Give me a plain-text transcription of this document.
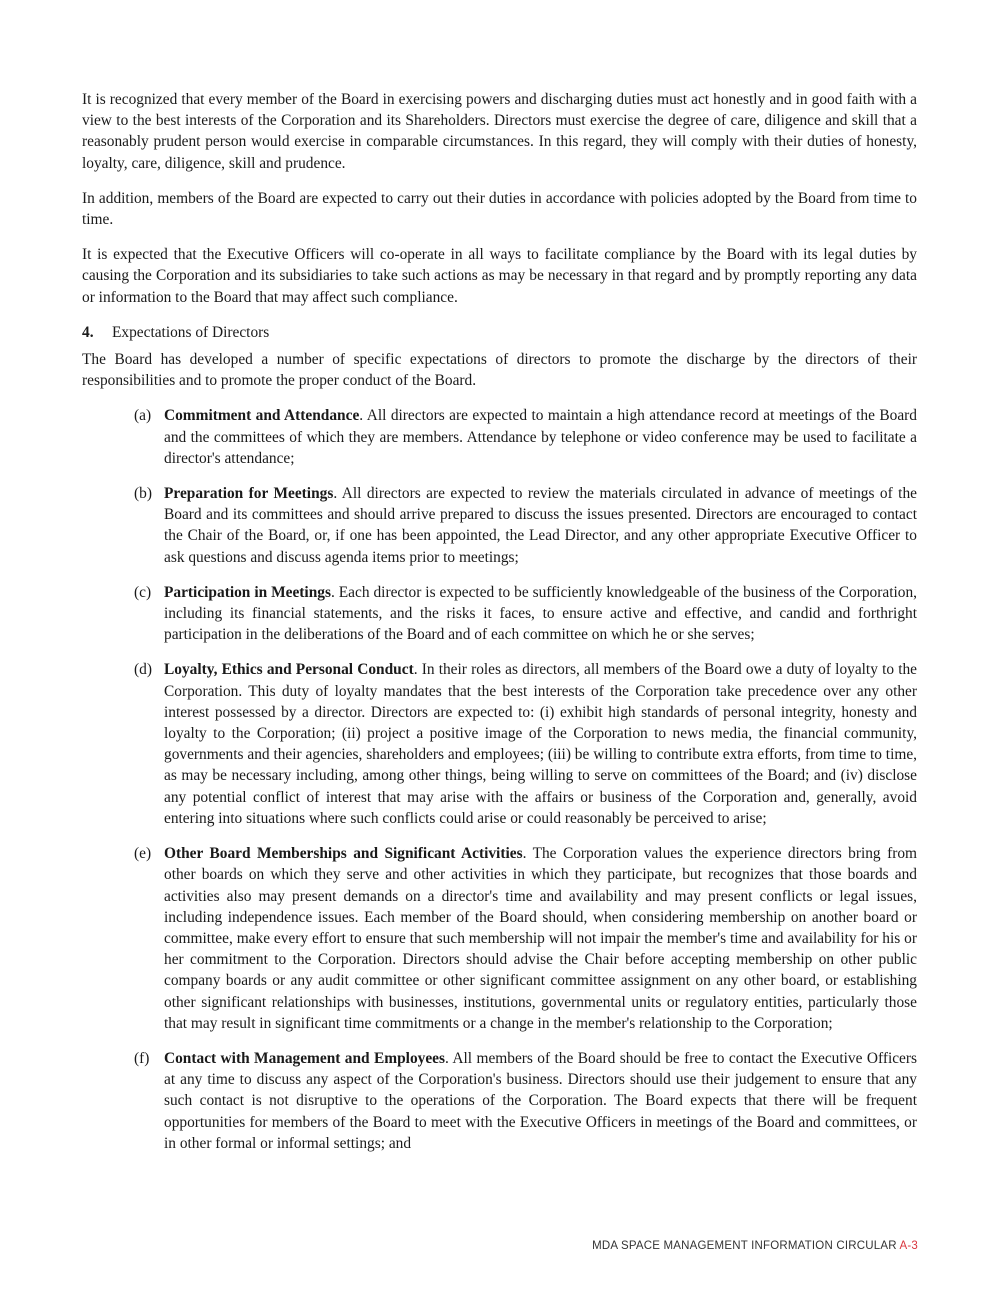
It is recognized that every member of the Board in exercising powers and discharging duties must act honestly and in good faith with a view to the best interests of the Corporation and its Shareholders. Directors must exercise the degree of care, diligence and skill that a reasonably prudent person would exercise in comparable circumstances. In this regard, they will comply with their duties of honesty, loyalty, care, diligence, skill and prudence.

In addition, members of the Board are expected to carry out their duties in accordance with policies adopted by the Board from time to time.

It is expected that the Executive Officers will co-operate in all ways to facilitate compliance by the Board with its legal duties by causing the Corporation and its subsidiaries to take such actions as may be necessary in that regard and by promptly reporting any data or information to the Board that may affect such compliance.

4. Expectations of Directors

The Board has developed a number of specific expectations of directors to promote the discharge by the directors of their responsibilities and to promote the proper conduct of the Board.

(a) Commitment and Attendance. All directors are expected to maintain a high attendance record at meetings of the Board and the committees of which they are members. Attendance by telephone or video conference may be used to facilitate a director's attendance;
(b) Preparation for Meetings. All directors are expected to review the materials circulated in advance of meetings of the Board and its committees and should arrive prepared to discuss the issues presented. Directors are encouraged to contact the Chair of the Board, or, if one has been appointed, the Lead Director, and any other appropriate Executive Officer to ask questions and discuss agenda items prior to meetings;
(c) Participation in Meetings. Each director is expected to be sufficiently knowledgeable of the business of the Corporation, including its financial statements, and the risks it faces, to ensure active and effective, and candid and forthright participation in the deliberations of the Board and of each committee on which he or she serves;
(d) Loyalty, Ethics and Personal Conduct. In their roles as directors, all members of the Board owe a duty of loyalty to the Corporation. This duty of loyalty mandates that the best interests of the Corporation take precedence over any other interest possessed by a director. Directors are expected to: (i) exhibit high standards of personal integrity, honesty and loyalty to the Corporation; (ii) project a positive image of the Corporation to news media, the financial community, governments and their agencies, shareholders and employees; (iii) be willing to contribute extra efforts, from time to time, as may be necessary including, among other things, being willing to serve on committees of the Board; and (iv) disclose any potential conflict of interest that may arise with the affairs or business of the Corporation and, generally, avoid entering into situations where such conflicts could arise or could reasonably be perceived to arise;
(e) Other Board Memberships and Significant Activities. The Corporation values the experience directors bring from other boards on which they serve and other activities in which they participate, but recognizes that those boards and activities also may present demands on a director's time and availability and may present conflicts or legal issues, including independence issues. Each member of the Board should, when considering membership on another board or committee, make every effort to ensure that such membership will not impair the member's time and availability for his or her commitment to the Corporation. Directors should advise the Chair before accepting membership on other public company boards or any audit committee or other significant committee assignment on any other board, or establishing other significant relationships with businesses, institutions, governmental units or regulatory entities, particularly those that may result in significant time commitments or a change in the member's relationship to the Corporation;
(f) Contact with Management and Employees. All members of the Board should be free to contact the Executive Officers at any time to discuss any aspect of the Corporation's business. Directors should use their judgement to ensure that any such contact is not disruptive to the operations of the Corporation. The Board expects that there will be frequent opportunities for members of the Board to meet with the Executive Officers in meetings of the Board and committees, or in other formal or informal settings; and
MDA SPACE MANAGEMENT INFORMATION CIRCULAR A-3
